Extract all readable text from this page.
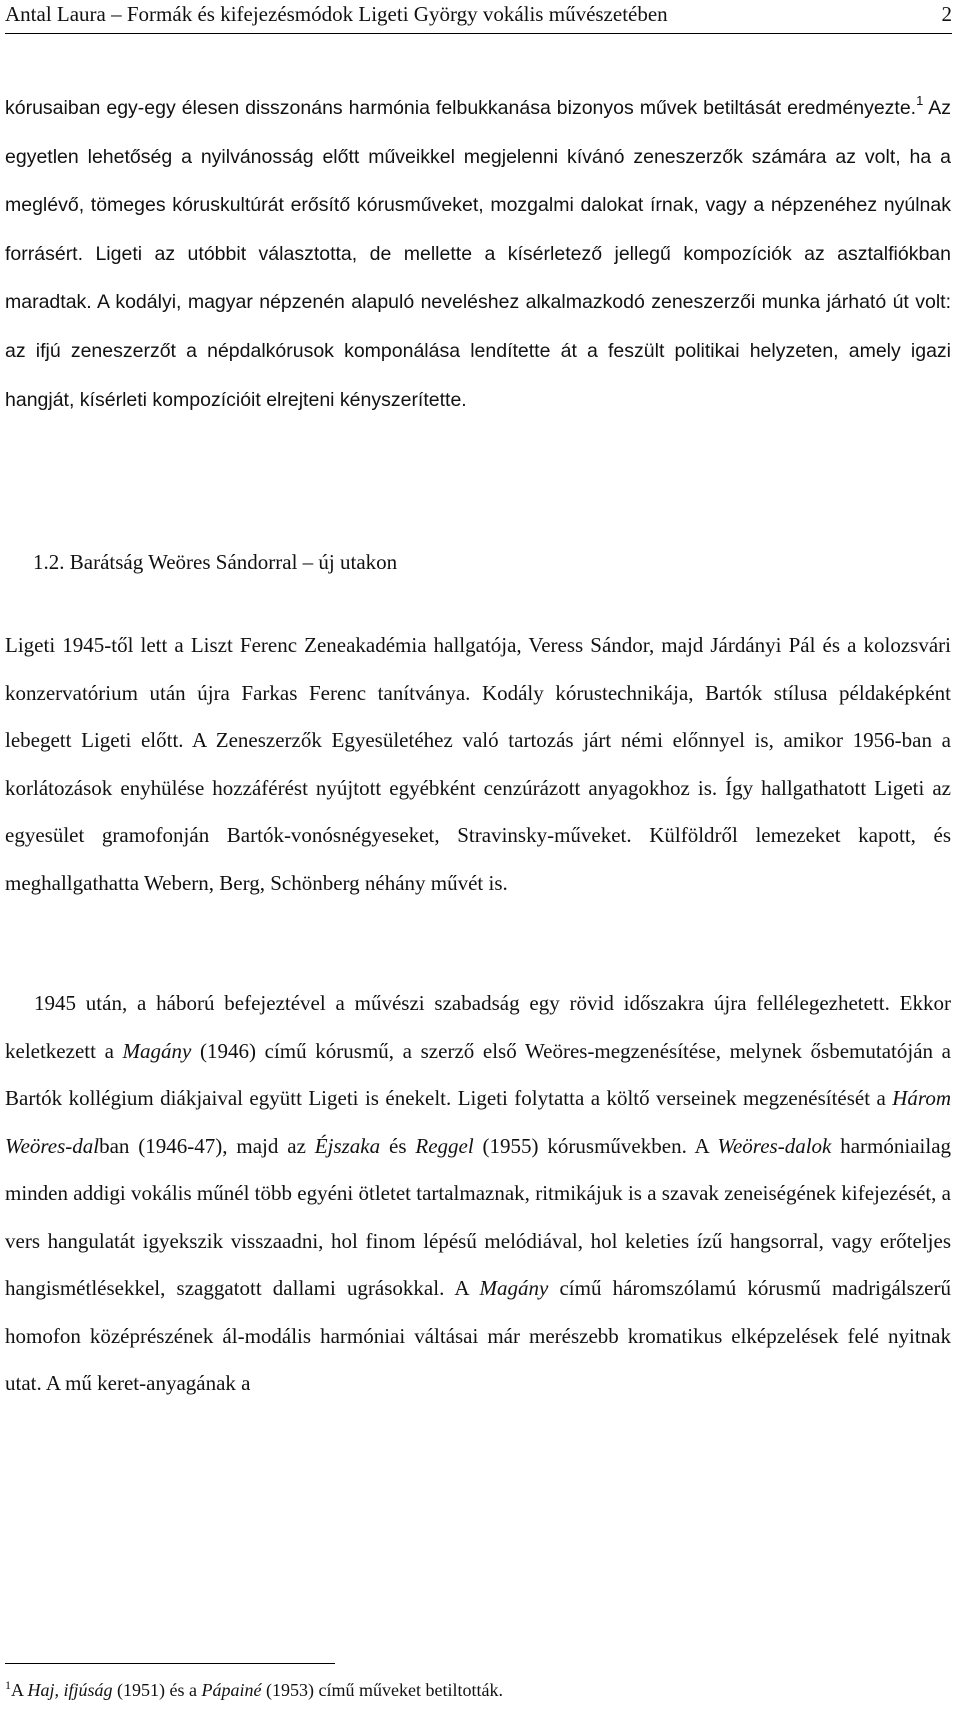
Antal Laura – Formák és kifejezésmódok Ligeti György vokális művészetében	2

kórusaiban egy-egy élesen disszonáns harmónia felbukkanása bizonyos művek betiltását eredményezte.$^1$ Az egyetlen lehetőség a nyilvánosság előtt műveikkel megjelenni kívánó zeneszerzők számára az volt, ha a meglévő, tömeges kóruskultúrát erősítő kórusműveket, mozgalmi dalokat írnak, vagy a népzenéhez nyúlnak forrásért. Ligeti az utóbbit választotta, de mellette a kísérletező jellegű kompozíciók az asztalfiókban maradtak. A kodályi, magyar népzenén alapuló neveléshez alkalmazkodó zeneszerzői munka járható út volt: az ifjú zeneszerzőt a népdalkórusok komponálása lendítette át a feszült politikai helyzeten, amely igazi hangját, kísérleti kompozícióit elrejteni kényszerítette.

1.2. Barátság Weöres Sándorral – új utakon

Ligeti 1945-től lett a Liszt Ferenc Zeneakadémia hallgatója, Veress Sándor, majd Járdányi Pál és a kolozsvári konzervatórium után újra Farkas Ferenc tanítványa. Kodály kórustechnikája, Bartók stílusa példaképként lebegett Ligeti előtt. A Zeneszerzők Egyesületéhez való tartozás járt némi előnnyel is, amikor 1956-ban a korlátozások enyhülése hozzáférést nyújtott egyébként cenzúrázott anyagokhoz is. Így hallgathatott Ligeti az egyesület gramofonján Bartók-vonósnégyeseket, Stravinsky-műveket. Külföldről lemezeket kapott, és meghallgathatta Webern, Berg, Schönberg néhány művét is.

1945 után, a háború befejeztével a művészi szabadság egy rövid időszakra újra fellélegezhetett. Ekkor keletkezett a Magány (1946) című kórusmű, a szerző első Weöres-megzenésítése, melynek ősbemutatóján a Bartók kollégium diákjaival együtt Ligeti is énekelt. Ligeti folytatta a költő verseinek megzenésítését a Három Weöres-dalban (1946-47), majd az Éjszaka és Reggel (1955) kórusművekben. A Weöres-dalok harmóniailag minden addigi vokális műnél több egyéni ötletet tartalmaznak, ritmikájuk is a szavak zeneiségének kifejezését, a vers hangulatát igyekszik visszaadni, hol finom lépésű melódiával, hol keleties ízű hangsorral, vagy erőteljes hangismétlésekkel, szaggatott dallami ugrásokkal. A Magány című háromszólamú kórusmű madrigálszerű homofon középrészének ál-modális harmóniai váltásai már merészebb kromatikus elképzelések felé nyitnak utat. A mű keret-anyagának a

$^1$A Haj, ifjúság (1951) és a Pápainé (1953) című műveket betiltották.
